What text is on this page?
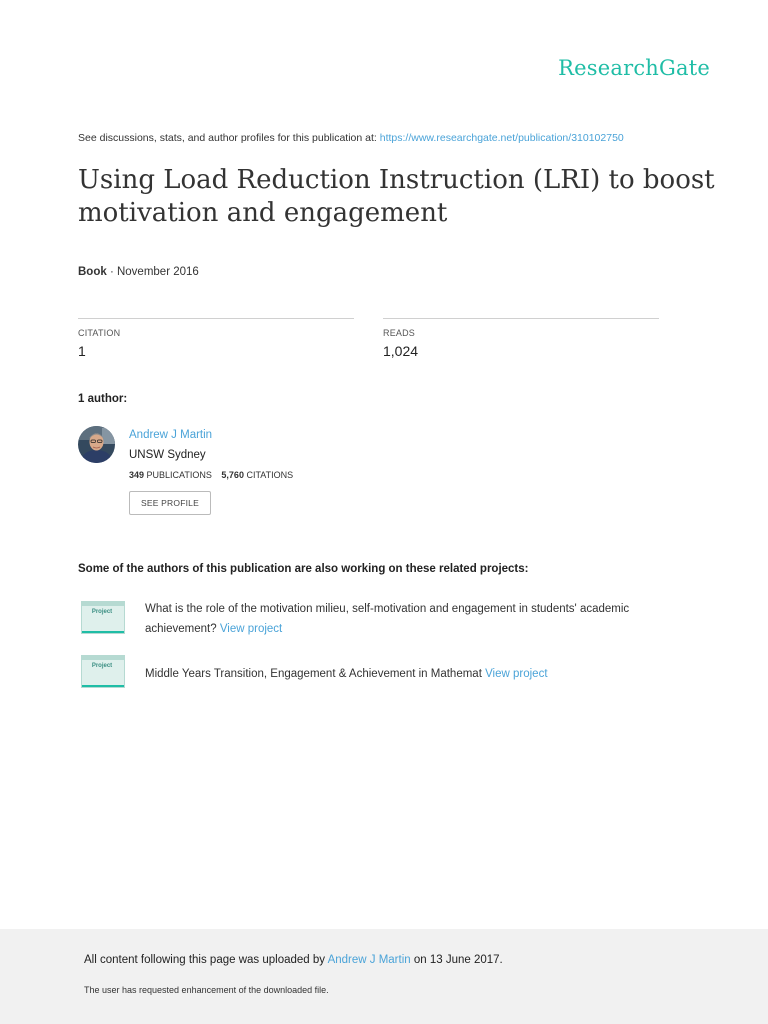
ResearchGate
See discussions, stats, and author profiles for this publication at: https://www.researchgate.net/publication/310102750
Using Load Reduction Instruction (LRI) to boost motivation and engagement
Book · November 2016
CITATION
1
READS
1,024
1 author:
Andrew J Martin
UNSW Sydney
349 PUBLICATIONS 5,760 CITATIONS
SEE PROFILE
Some of the authors of this publication are also working on these related projects:
Project	What is the role of the motivation milieu, self-motivation and engagement in students' academic achievement? View project
Project
Middle Years Transition, Engagement & Achievement in Mathemat View project
All content following this page was uploaded by Andrew J Martin on 13 June 2017.
The user has requested enhancement of the downloaded file.
